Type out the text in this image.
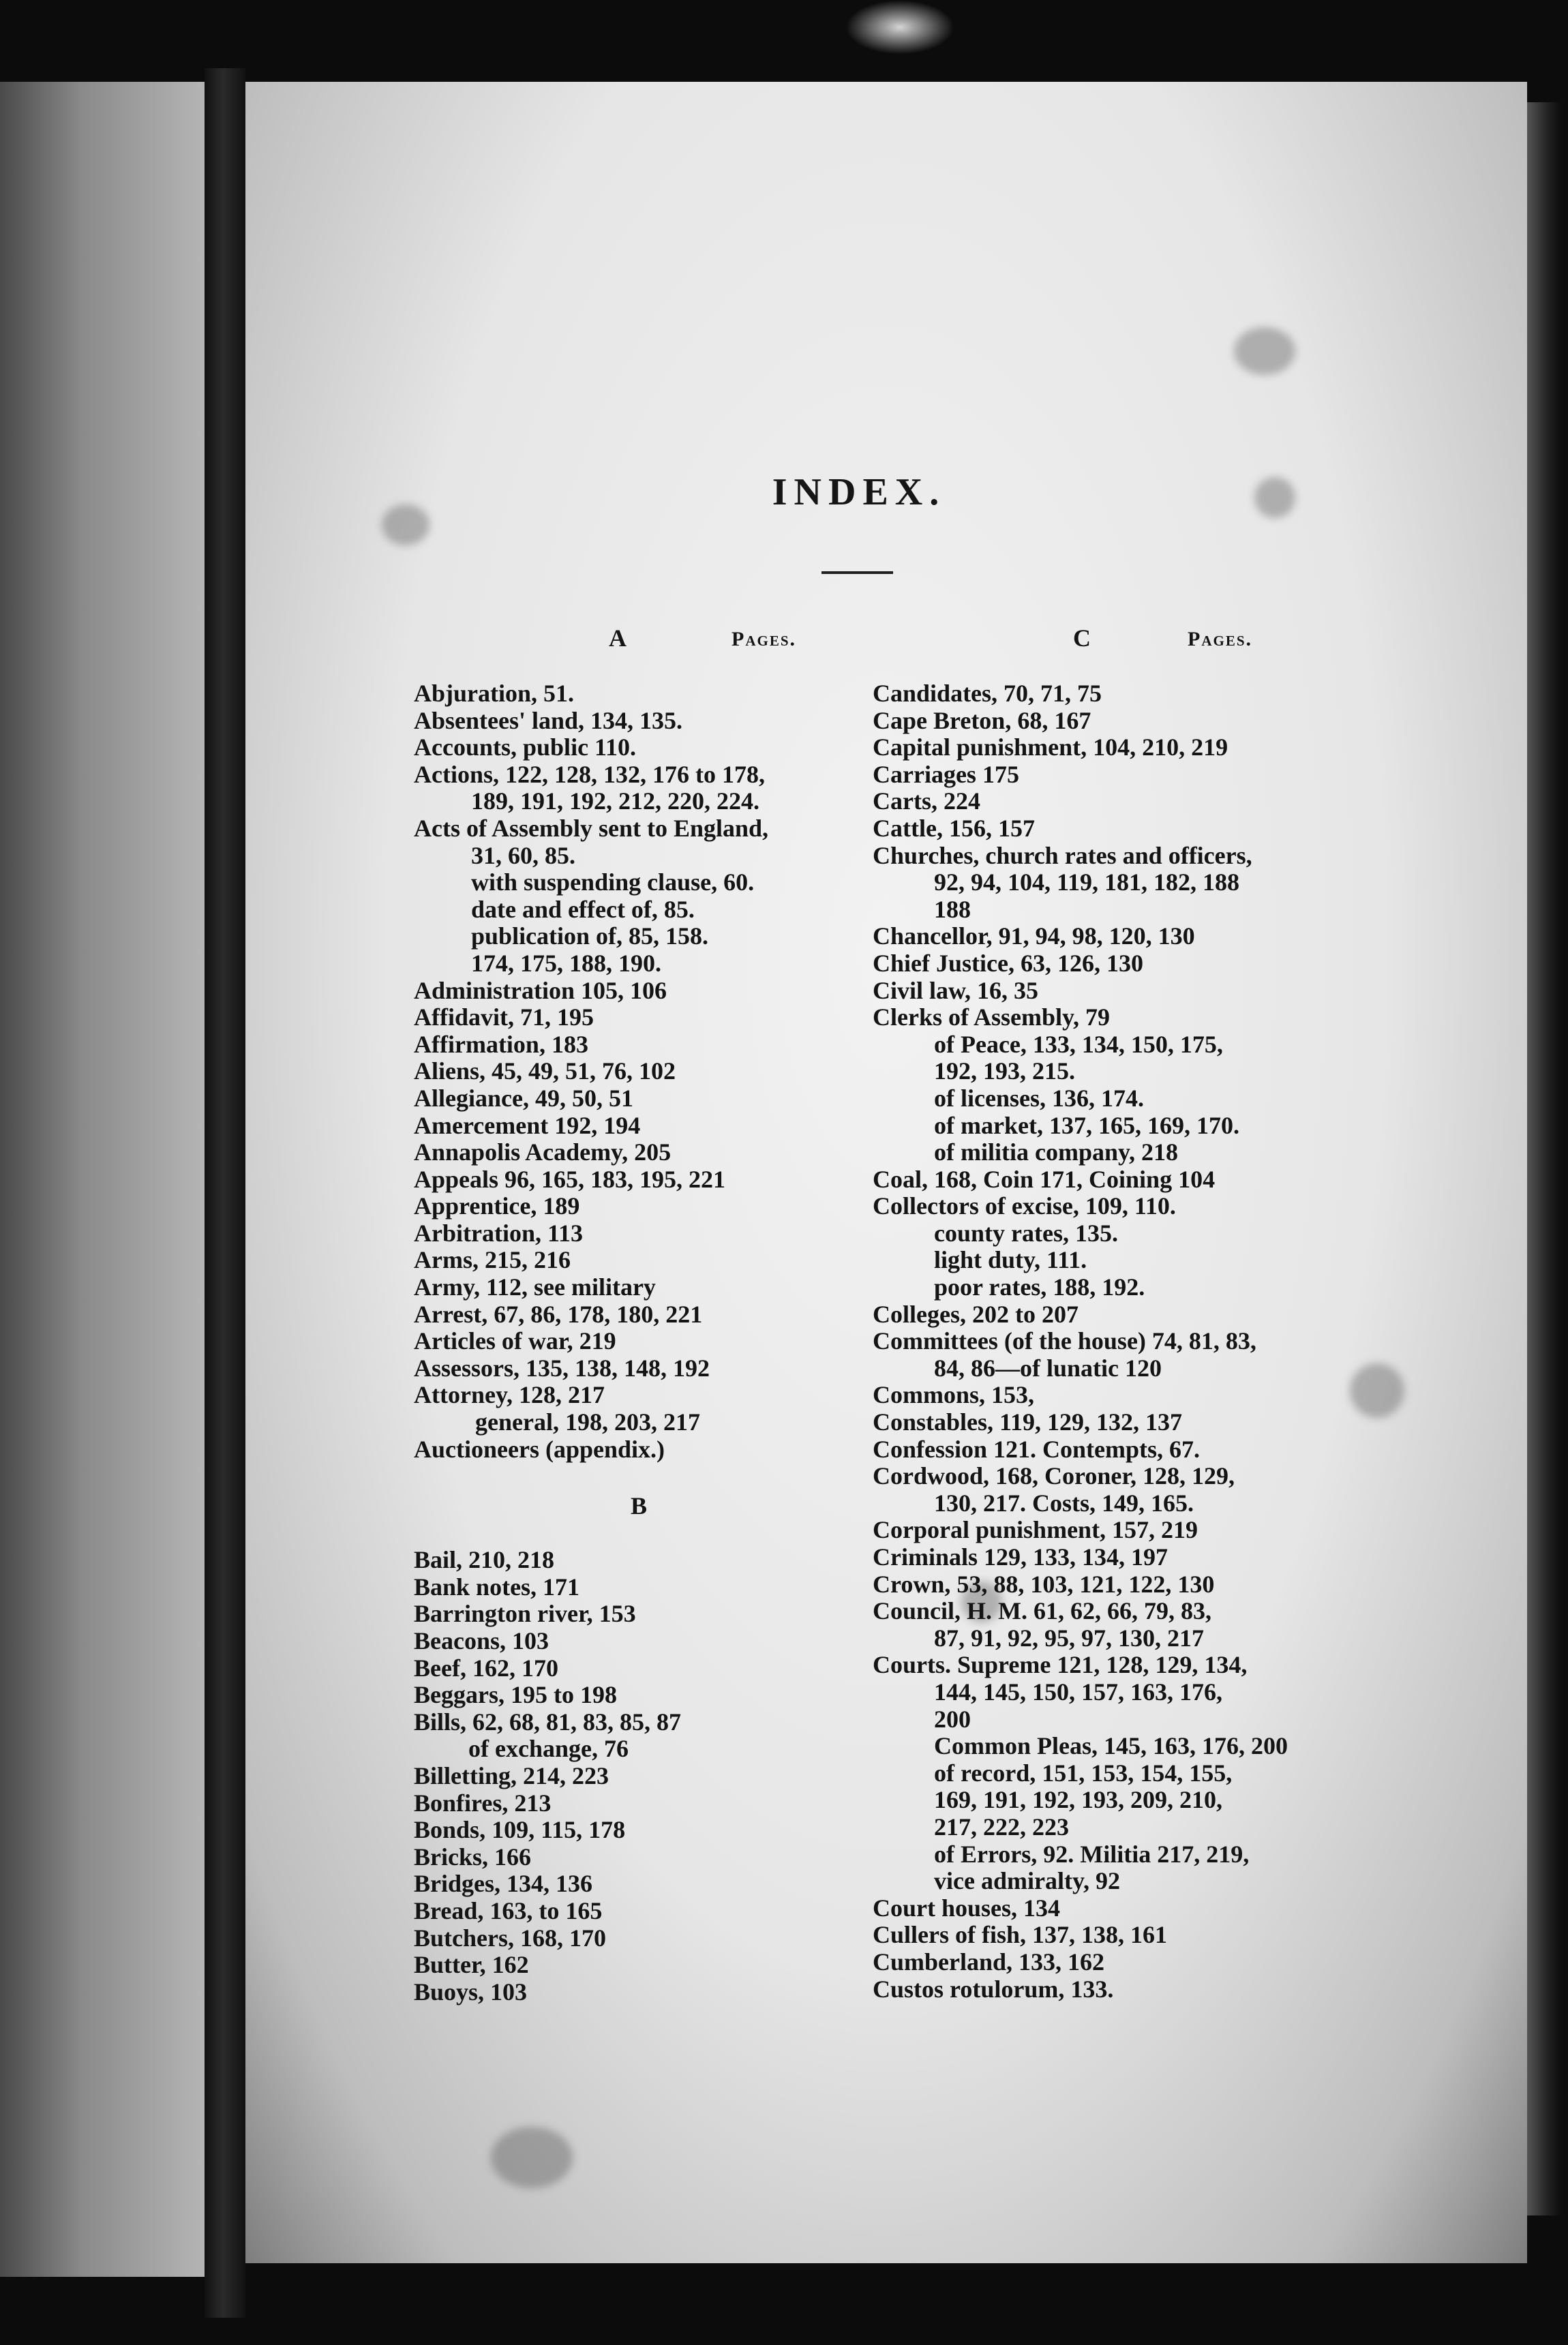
INDEX.
A	Pages.	C	Pages.
Abjuration, 51.
Absentees' land, 134, 135.
Accounts, public 110.
Actions, 122, 128, 132, 176 to 178,
189, 191, 192, 212, 220, 224.
Acts of Assembly sent to England,
31, 60, 85.
with suspending clause, 60.
date and effect of, 85.
publication of, 85, 158.
174, 175, 188, 190.
Administration 105, 106
Affidavit, 71, 195
Affirmation, 183
Aliens, 45, 49, 51, 76, 102
Allegiance, 49, 50, 51
Amercement 192, 194
Annapolis Academy, 205
Appeals 96, 165, 183, 195, 221
Apprentice, 189
Arbitration, 113
Arms, 215, 216
Army, 112, see military
Arrest, 67, 86, 178, 180, 221
Articles of war, 219
Assessors, 135, 138, 148, 192
Attorney, 128, 217
general, 198, 203, 217
Auctioneers (appendix.)
B
Bail, 210, 218
Bank notes, 171
Barrington river, 153
Beacons, 103
Beef, 162, 170
Beggars, 195 to 198
Bills, 62, 68, 81, 83, 85, 87
of exchange, 76
Billetting, 214, 223
Bonfires, 213
Bonds, 109, 115, 178
Bricks, 166
Bridges, 134, 136
Bread, 163, to 165
Butchers, 168, 170
Butter, 162
Buoys, 103
Candidates, 70, 71, 75
Cape Breton, 68, 167
Capital punishment, 104, 210, 219
Carriages 175
Carts, 224
Cattle, 156, 157
Churches, church rates and officers,
92, 94, 104, 119, 181, 182, 188
188
Chancellor, 91, 94, 98, 120, 130
Chief Justice, 63, 126, 130
Civil law, 16, 35
Clerks of Assembly, 79
of Peace, 133, 134, 150, 175,
192, 193, 215.
of licenses, 136, 174.
of market, 137, 165, 169, 170.
of militia company, 218
Coal, 168, Coin 171, Coining 104
Collectors of excise, 109, 110.
county rates, 135.
light duty, 111.
poor rates, 188, 192.
Colleges, 202 to 207
Committees (of the house) 74, 81, 83,
84, 86—of lunatic 120
Commons, 153,
Constables, 119, 129, 132, 137
Confession 121. Contempts, 67.
Cordwood, 168, Coroner, 128, 129,
130, 217. Costs, 149, 165.
Corporal punishment, 157, 219
Criminals 129, 133, 134, 197
Crown, 53, 88, 103, 121, 122, 130
Council, H. M. 61, 62, 66, 79, 83,
87, 91, 92, 95, 97, 130, 217
Courts. Supreme 121, 128, 129, 134,
144, 145, 150, 157, 163, 176,
200
Common Pleas, 145, 163, 176, 200
of record, 151, 153, 154, 155,
169, 191, 192, 193, 209, 210,
217, 222, 223
of Errors, 92. Militia 217, 219,
vice admiralty, 92
Court houses, 134
Cullers of fish, 137, 138, 161
Cumberland, 133, 162
Custos rotulorum, 133.
